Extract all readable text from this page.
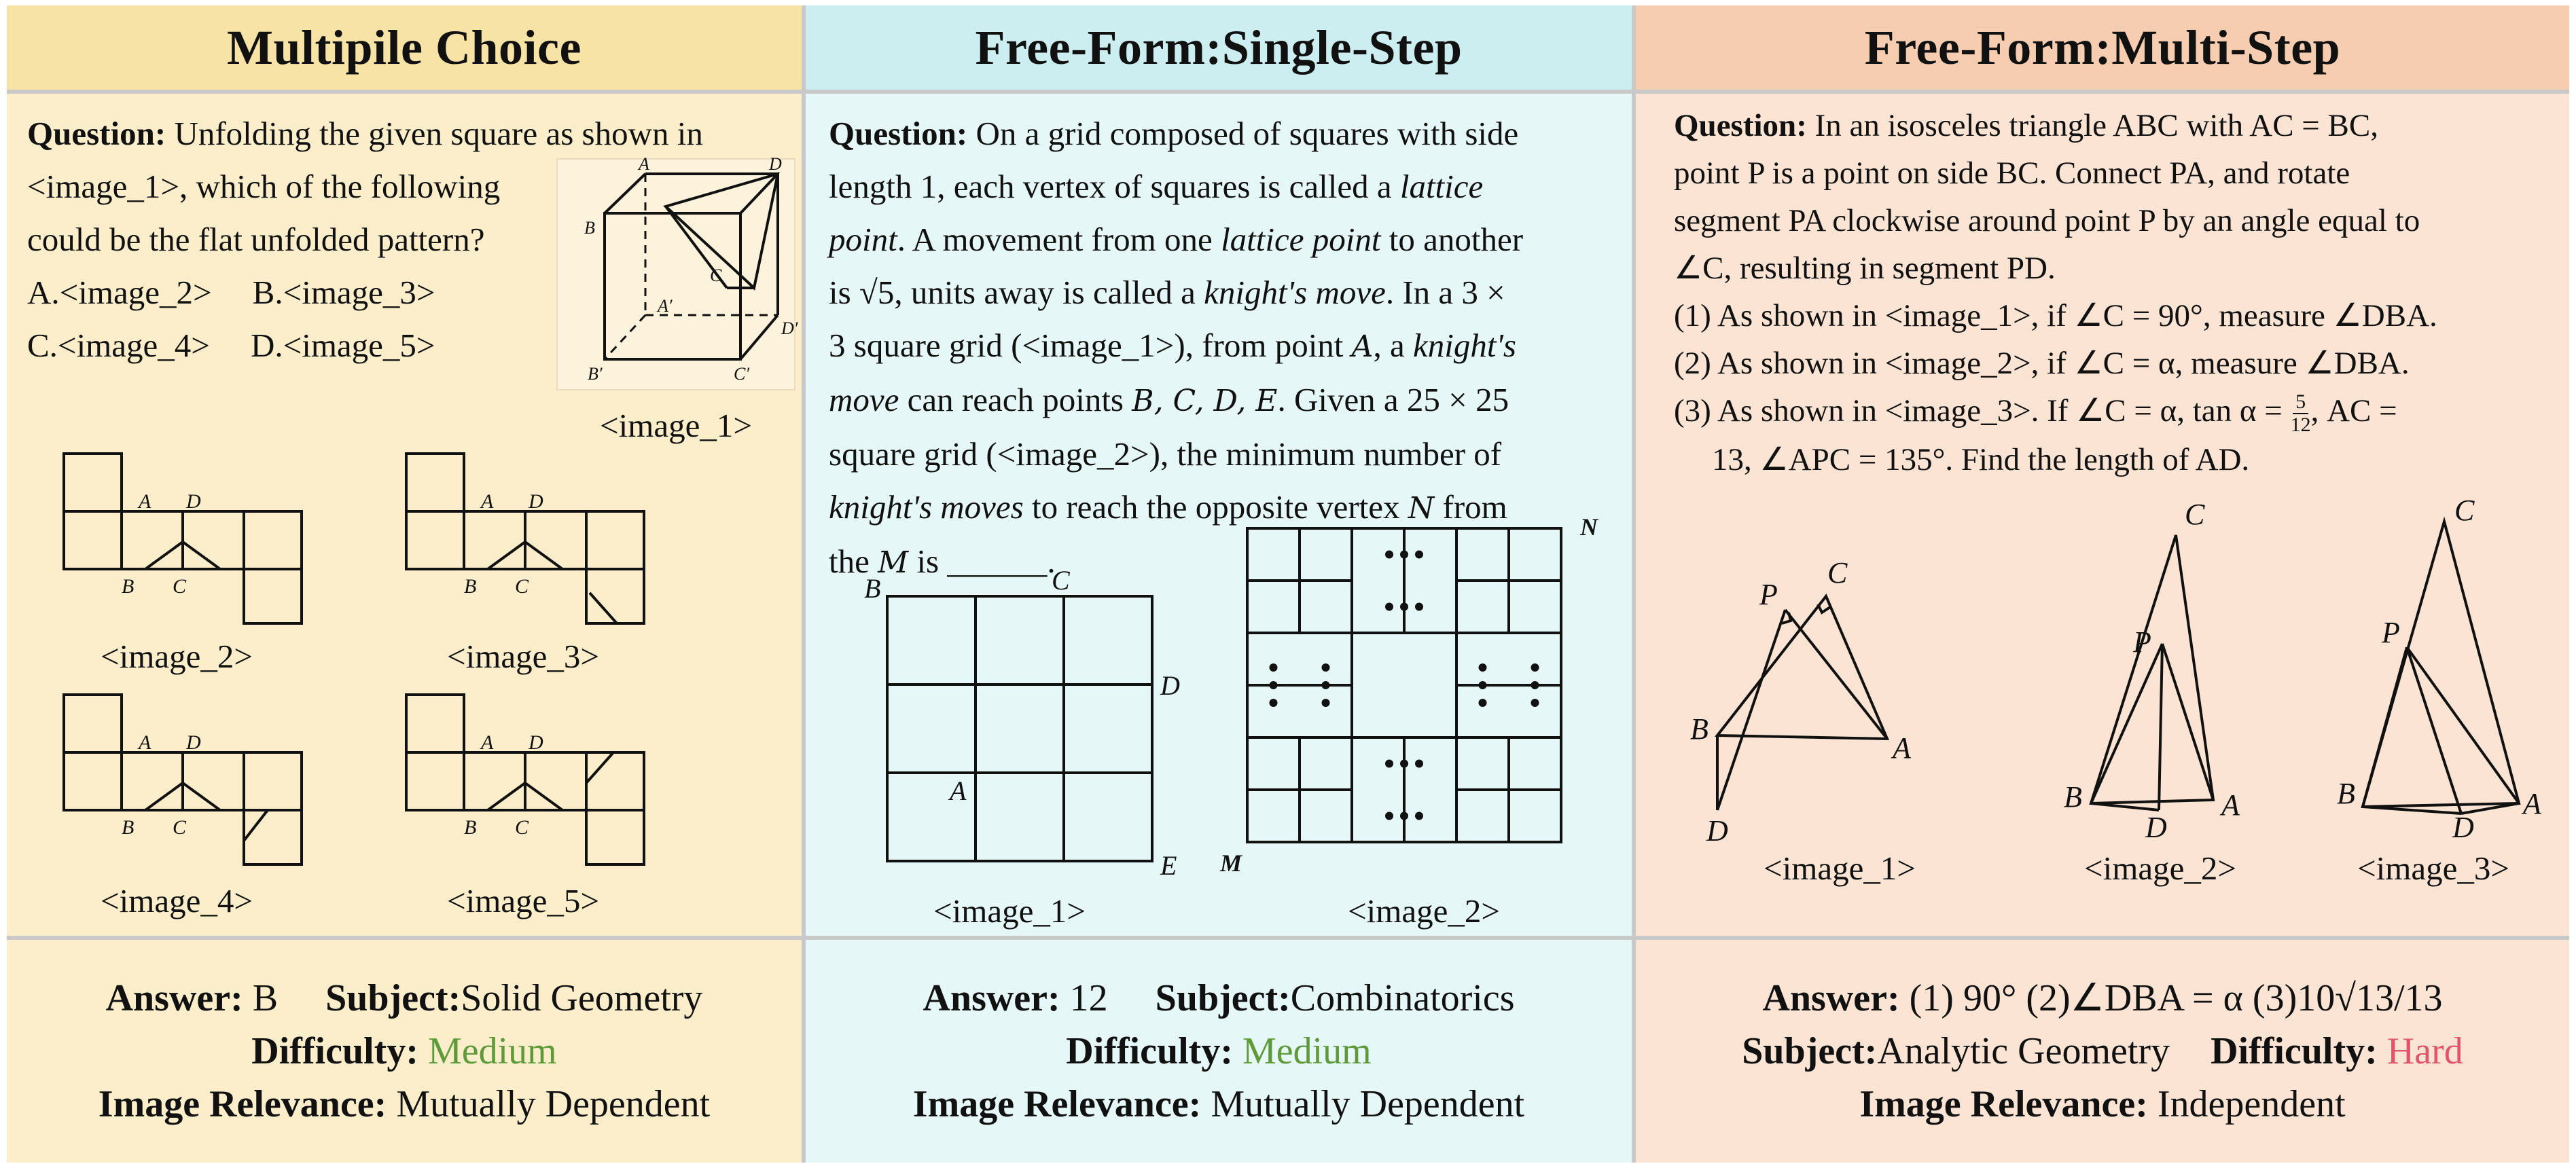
Multipile Choice
Question: Unfolding the given square as shown in
<image_1>, which of the following
could be the flat unfolded pattern?
A.<image_2> B.<image_3>
C.<image_4> D.<image_5>
A	D
B
C
A′
D′
B′	C′
<image_1>
A D
B C
<image_2>
A D
B C
<image_3>
A D
B C
<image_4>
A D
B C
<image_5>
Answer: B Subject:Solid Geometry
Difficulty: Medium
Image Relevance: Mutually Dependent
Free-Form:Single-Step
Question: On a grid composed of squares with side
length 1, each vertex of squares is called a lattice
point. A movement from one lattice point to another
is √5, units away is called a knight's move. In a 3 ×
3 square grid (<image_1>), from point A, a knight's
move can reach points B, C, D, E. Given a 25 × 25
square grid (<image_2>), the minimum number of
knight's moves to reach the opposite vertex N from
the M is ______.
B	C
D
A
E
<image_1>
N
M
<image_2>
Answer: 12 Subject:Combinatorics
Difficulty: Medium
Image Relevance: Mutually Dependent
Free-Form:Multi-Step
Question: In an isosceles triangle ABC with AC = BC,
point P is a point on side BC. Connect PA, and rotate
segment PA clockwise around point P by an angle equal to
∠C, resulting in segment PD.
(1) As shown in <image_1>, if ∠C = 90°, measure ∠DBA.
(2) As shown in <image_2>, if ∠C = α, measure ∠DBA.
(3) As shown in <image_3>. If ∠C = α, $\tan \alpha = \frac{5}{12}$ , AC =
13, ∠APC = 135°. Find the length of AD.
C
P
B
A
D
<image_1>
C
P
B	A
D
<image_2>
C
P
B	A
D
<image_3>
Answer: (1) 90° (2)∠DBA = α (3)10√13/13
Subject:Analytic Geometry Difficulty: Hard
Image Relevance: Independent
